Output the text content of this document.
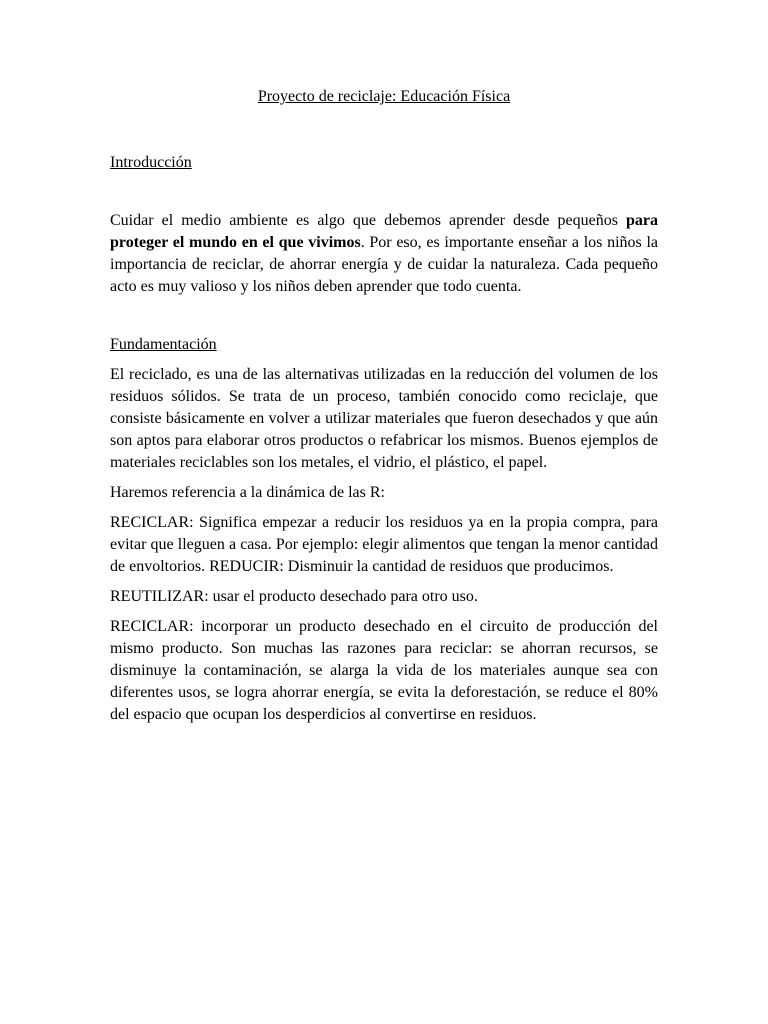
Proyecto de reciclaje: Educación Física
Introducción

Cuidar el medio ambiente es algo que debemos aprender desde pequeños para proteger el mundo en el que vivimos. Por eso, es importante enseñar a los niños la importancia de reciclar, de ahorrar energía y de cuidar la naturaleza. Cada pequeño acto es muy valioso y los niños deben aprender que todo cuenta.

Fundamentación

El reciclado, es una de las alternativas utilizadas en la reducción del volumen de los residuos sólidos. Se trata de un proceso, también conocido como reciclaje, que consiste básicamente en volver a utilizar materiales que fueron desechados y que aún son aptos para elaborar otros productos o refabricar los mismos. Buenos ejemplos de materiales reciclables son los metales, el vidrio, el plástico, el papel.

Haremos referencia a la dinámica de las R:

RECICLAR: Significa empezar a reducir los residuos ya en la propia compra, para evitar que lleguen a casa. Por ejemplo: elegir alimentos que tengan la menor cantidad de envoltorios. REDUCIR: Disminuir la cantidad de residuos que producimos.

REUTILIZAR: usar el producto desechado para otro uso.

RECICLAR: incorporar un producto desechado en el circuito de producción del mismo producto. Son muchas las razones para reciclar: se ahorran recursos, se disminuye la contaminación, se alarga la vida de los materiales aunque sea con diferentes usos, se logra ahorrar energía, se evita la deforestación, se reduce el 80% del espacio que ocupan los desperdicios al convertirse en residuos.
